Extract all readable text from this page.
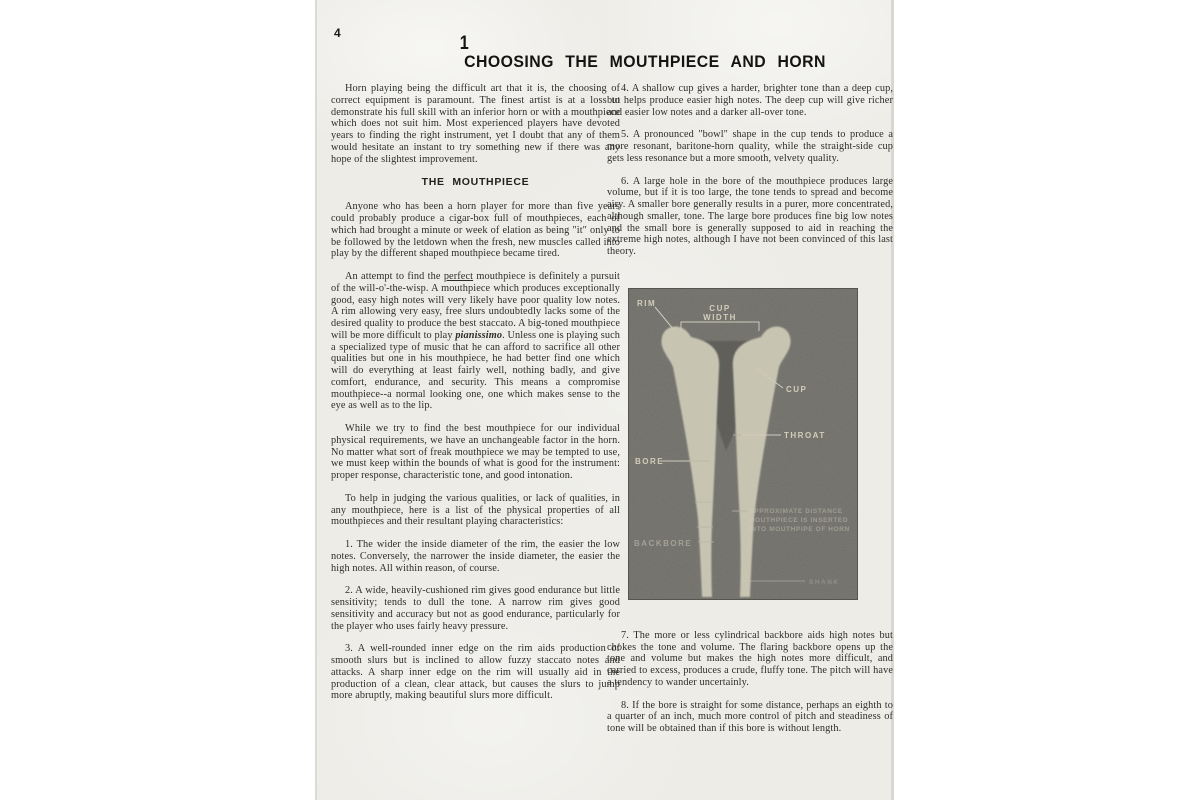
4	1
CHOOSING THE MOUTHPIECE AND HORN

Horn playing being the difficult art that it is, the choosing of correct equipment is paramount. The finest artist is at a loss to demonstrate his full skill with an inferior horn or with a mouthpiece which does not suit him. Most experienced players have devoted years to finding the right instrument, yet I doubt that any of them would hesitate an instant to try something new if there was any hope of the slightest improvement.

THE MOUTHPIECE

Anyone who has been a horn player for more than five years could probably produce a cigar-box full of mouthpieces, each of which had brought a minute or week of elation as being "it" only to be followed by the letdown when the fresh, new muscles called into play by the different shaped mouthpiece became tired.

An attempt to find the perfect mouthpiece is definitely a pursuit of the will-o'-the-wisp. A mouthpiece which produces exceptionally good, easy high notes will very likely have poor quality low notes. A rim allowing very easy, free slurs undoubtedly lacks some of the desired quality to produce the best staccato. A big-toned mouthpiece will be more difficult to play pianissimo. Unless one is playing such a specialized type of music that he can afford to sacrifice all other qualities but one in his mouthpiece, he had better find one which will do everything at least fairly well, nothing badly, and give comfort, endurance, and security. This means a compromise mouthpiece--a normal looking one, one which makes sense to the eye as well as to the lip.

While we try to find the best mouthpiece for our individual physical requirements, we have an unchangeable factor in the horn. No matter what sort of freak mouthpiece we may be tempted to use, we must keep within the bounds of what is good for the instrument: proper response, characteristic tone, and good intonation.

To help in judging the various qualities, or lack of qualities, in any mouthpiece, here is a list of the physical properties of all mouthpieces and their resultant playing characteristics:

1. The wider the inside diameter of the rim, the easier the low notes. Conversely, the narrower the inside diameter, the easier the high notes. All within reason, of course.

2. A wide, heavily-cushioned rim gives good endurance but little sensitivity; tends to dull the tone. A narrow rim gives good sensitivity and accuracy but not as good endurance, particularly for the player who uses fairly heavy pressure.

3. A well-rounded inner edge on the rim aids production of smooth slurs but is inclined to allow fuzzy staccato notes and attacks. A sharp inner edge on the rim will usually aid in the production of a clean, clear attack, but causes the slurs to jump more abruptly, making beautiful slurs more difficult.

4. A shallow cup gives a harder, brighter tone than a deep cup, but helps produce easier high notes. The deep cup will give richer and easier low notes and a darker all-over tone.

5. A pronounced "bowl" shape in the cup tends to produce a more resonant, baritone-horn quality, while the straight-side cup gets less resonance but a more smooth, velvety quality.

6. A large hole in the bore of the mouthpiece produces large volume, but if it is too large, the tone tends to spread and become airy. A smaller bore generally results in a purer, more concentrated, although smaller, tone. The large bore produces fine big low notes and the small bore is generally supposed to aid in reaching the extreme high notes, although I have not been convinced of this last theory.

RIM
CUP
WIDTH
CUP
THROAT
BORE
APPROXIMATE DISTANCE
MOUTHPIECE IS INSERTED
INTO MOUTHPIPE OF HORN
BACKBORE
SHANK

7. The more or less cylindrical backbore aids high notes but chokes the tone and volume. The flaring backbore opens up the tone and volume but makes the high notes more difficult, and carried to excess, produces a crude, fluffy tone. The pitch will have a tendency to wander uncertainly.

8. If the bore is straight for some distance, perhaps an eighth to a quarter of an inch, much more control of pitch and steadiness of tone will be obtained than if this bore is without length.
